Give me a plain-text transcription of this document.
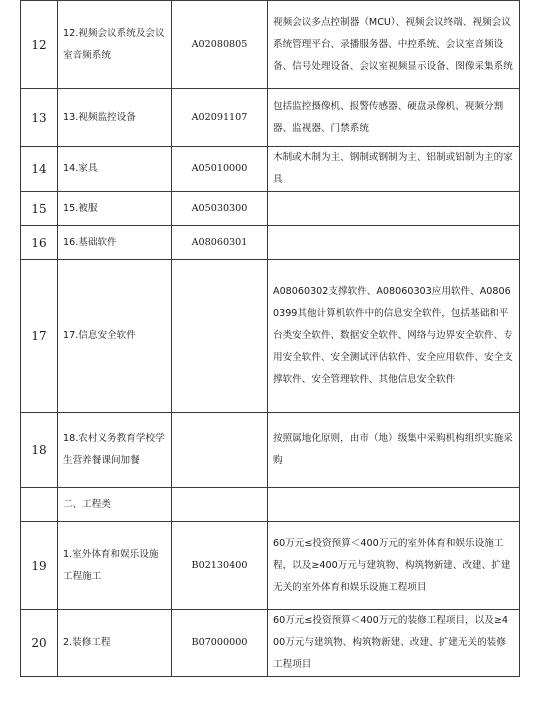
12	12.视频会议系统及会议室音频系统	A02080805	视频会议多点控制器（MCU）、视频会议终端、视频会议系统管理平台、录播服务器、中控系统、会议室音频设备、信号处理设备、会议室视频显示设备、图像采集系统
13	13.视频监控设备	A02091107	包括监控摄像机、报警传感器、硬盘录像机、视频分割器、监视器、门禁系统
14	14.家具	A05010000	木制或木制为主、钢制或钢制为主、铝制或铝制为主的家具
15	15.被服	A05030300	
16	16.基础软件	A08060301	
17	17.信息安全软件		A08060302支撑软件、A08060303应用软件、A08060399其他计算机软件中的信息安全软件，包括基础和平台类安全软件、数据安全软件、网络与边界安全软件、专用安全软件、安全测试评估软件、安全应用软件、安全支撑软件、安全管理软件、其他信息安全软件
18	18.农村义务教育学校学生营养餐课间加餐		按照属地化原则，由市（地）级集中采购机构组织实施采购
	二、工程类		
19	1.室外体育和娱乐设施工程施工	B02130400	60万元≤投资预算＜400万元的室外体育和娱乐设施工程，以及≥400万元与建筑物、构筑物新建、改建、扩建无关的室外体育和娱乐设施工程项目
20	2.装修工程	B07000000	60万元≤投资预算＜400万元的装修工程项目，以及≥400万元与建筑物、构筑物新建、改建、扩建无关的装修工程项目
